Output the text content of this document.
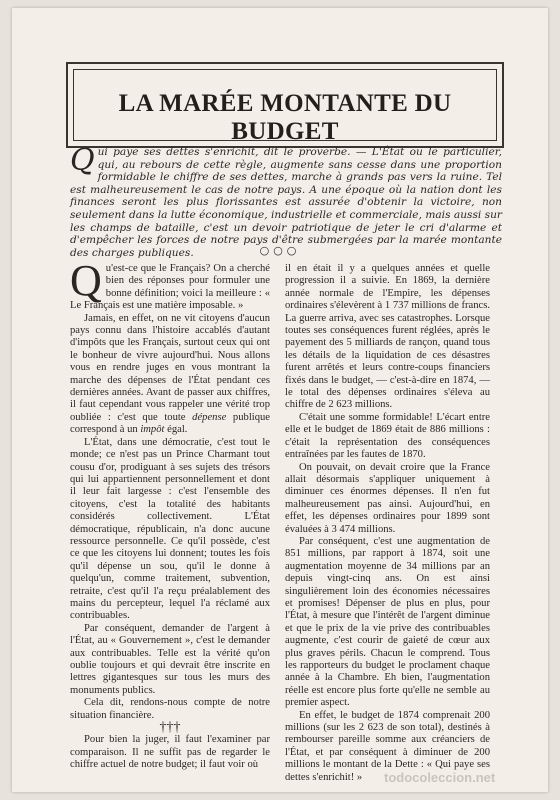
LA MARÉE MONTANTE DU BUDGET
Qui paye ses dettes s'enrichit, dit le proverbe. — L'État ou le particulier, qui, au rebours de cette règle, augmente sans cesse dans une proportion formidable le chiffre de ses dettes, marche à grands pas vers la ruine. Tel est malheureusement le cas de notre pays. A une époque où la nation dont les finances seront les plus florissantes est assurée d'obtenir la victoire, non seulement dans la lutte économique, industrielle et commerciale, mais aussi sur les champs de bataille, c'est un devoir patriotique de jeter le cri d'alarme et d'empêcher les forces de notre pays d'être submergées par la marée montante des charges publiques.	○○○

Qu'est-ce que le Français? On a cherché bien des réponses pour formuler une bonne définition; voici la meilleure : « Le Français est une matière imposable. »

Jamais, en effet, on ne vit citoyens d'aucun pays connu dans l'histoire accablés d'autant d'impôts que les Français, surtout ceux qui ont le bonheur de vivre aujourd'hui. Nous allons vous en rendre juges en vous montrant la marche des dépenses de l'État pendant ces dernières années. Avant de passer aux chiffres, il faut cependant vous rappeler une vérité trop oubliée : c'est que toute dépense publique correspond à un impôt égal.

L'État, dans une démocratie, c'est tout le monde; ce n'est pas un Prince Charmant tout cousu d'or, prodiguant à ses sujets des trésors qui lui appartiennent personnellement et dont il leur fait largesse : c'est l'ensemble des citoyens, c'est la totalité des habitants considérés collectivement. L'État démocratique, républicain, n'a donc aucune ressource personnelle. Ce qu'il possède, c'est ce que les citoyens lui donnent; toutes les fois qu'il dépense un sou, qu'il le donne à quelqu'un, comme traitement, subvention, retraite, c'est qu'il l'a reçu préalablement des mains du percepteur, lequel l'a réclamé aux contribuables.

Par conséquent, demander de l'argent à l'État, au « Gouvernement », c'est le demander aux contribuables. Telle est la vérité qu'on oublie toujours et qui devrait être inscrite en lettres gigantesques sur tous les murs des monuments publics.

Cela dit, rendons-nous compte de notre situation financière.

†††

Pour bien la juger, il faut l'examiner par comparaison. Il ne suffit pas de regarder le chiffre actuel de notre budget; il faut voir où

il en était il y a quelques années et quelle progression il a suivie. En 1869, la dernière année normale de l'Empire, les dépenses ordinaires s'élevèrent à 1 737 millions de francs. La guerre arriva, avec ses catastrophes. Lorsque toutes ses conséquences furent réglées, après le payement des 5 milliards de rançon, quand tous les détails de la liquidation de ces désastres furent arrêtés et leurs contre-coups financiers fixés dans le budget, — c'est-à-dire en 1874, — le total des dépenses ordinaires s'éleva au chiffre de 2 623 millions.

C'était une somme formidable! L'écart entre elle et le budget de 1869 était de 886 millions : c'était la représentation des conséquences entraînées par les fautes de 1870.

On pouvait, on devait croire que la France allait désormais s'appliquer uniquement à diminuer ces énormes dépenses. Il n'en fut malheureusement pas ainsi. Aujourd'hui, en effet, les dépenses ordinaires pour 1899 sont évaluées à 3 474 millions.

Par conséquent, c'est une augmentation de 851 millions, par rapport à 1874, soit une augmentation moyenne de 34 millions par an depuis vingt-cinq ans. On est ainsi singulièrement loin des économies nécessaires et promises! Dépenser de plus en plus, pour l'État, à mesure que l'intérêt de l'argent diminue et que le prix de la vie prive des contribuables augmente, c'est courir de gaieté de cœur aux plus graves périls. Chacun le comprend. Tous les rapporteurs du budget le proclament chaque année à la Chambre. Eh bien, l'augmentation réelle est encore plus forte qu'elle ne semble au premier aspect.

En effet, le budget de 1874 comprenait 200 millions (sur les 2 623 de son total), destinés à rembourser pareille somme aux créanciers de l'État, et par conséquent à diminuer de 200 millions le montant de la Dette : « Qui paye ses dettes s'enrichit! »	todocoleccion.net
